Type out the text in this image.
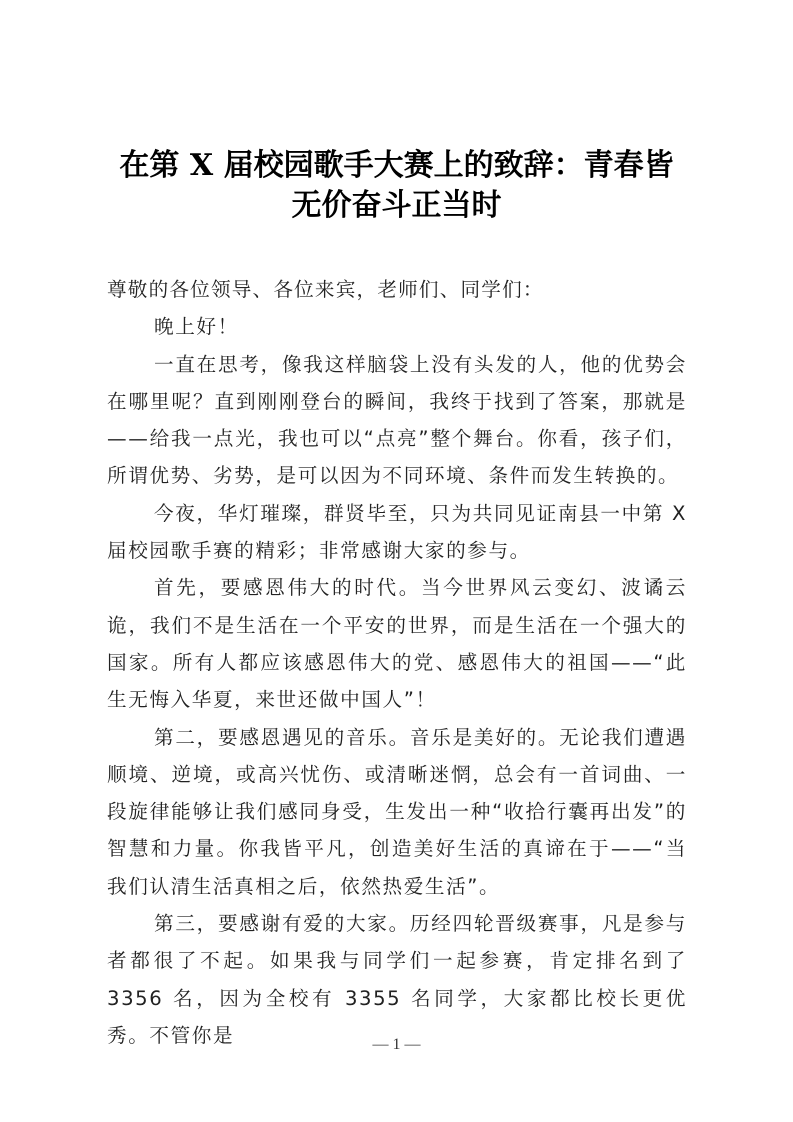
在第 X 届校园歌手大赛上的致辞：青春皆
无价奋斗正当时

尊敬的各位领导、各位来宾，老师们、同学们：

晚上好！

一直在思考，像我这样脑袋上没有头发的人，他的优势会在哪里呢？直到刚刚登台的瞬间，我终于找到了答案，那就是——给我一点光，我也可以“点亮”整个舞台。你看，孩子们，所谓优势、劣势，是可以因为不同环境、条件而发生转换的。

今夜，华灯璀璨，群贤毕至，只为共同见证南县一中第 X 届校园歌手赛的精彩；非常感谢大家的参与。

首先，要感恩伟大的时代。当今世界风云变幻、波谲云诡，我们不是生活在一个平安的世界，而是生活在一个强大的国家。所有人都应该感恩伟大的党、感恩伟大的祖国——“此生无悔入华夏，来世还做中国人”！

第二，要感恩遇见的音乐。音乐是美好的。无论我们遭遇顺境、逆境，或高兴忧伤、或清晰迷惘，总会有一首词曲、一段旋律能够让我们感同身受，生发出一种“收拾行囊再出发”的智慧和力量。你我皆平凡，创造美好生活的真谛在于——“当我们认清生活真相之后，依然热爱生活”。

第三，要感谢有爱的大家。历经四轮晋级赛事，凡是参与者都很了不起。如果我与同学们一起参赛，肯定排名到了 3356 名，因为全校有 3355 名同学，大家都比校长更优秀。不管你是	— 1 —
